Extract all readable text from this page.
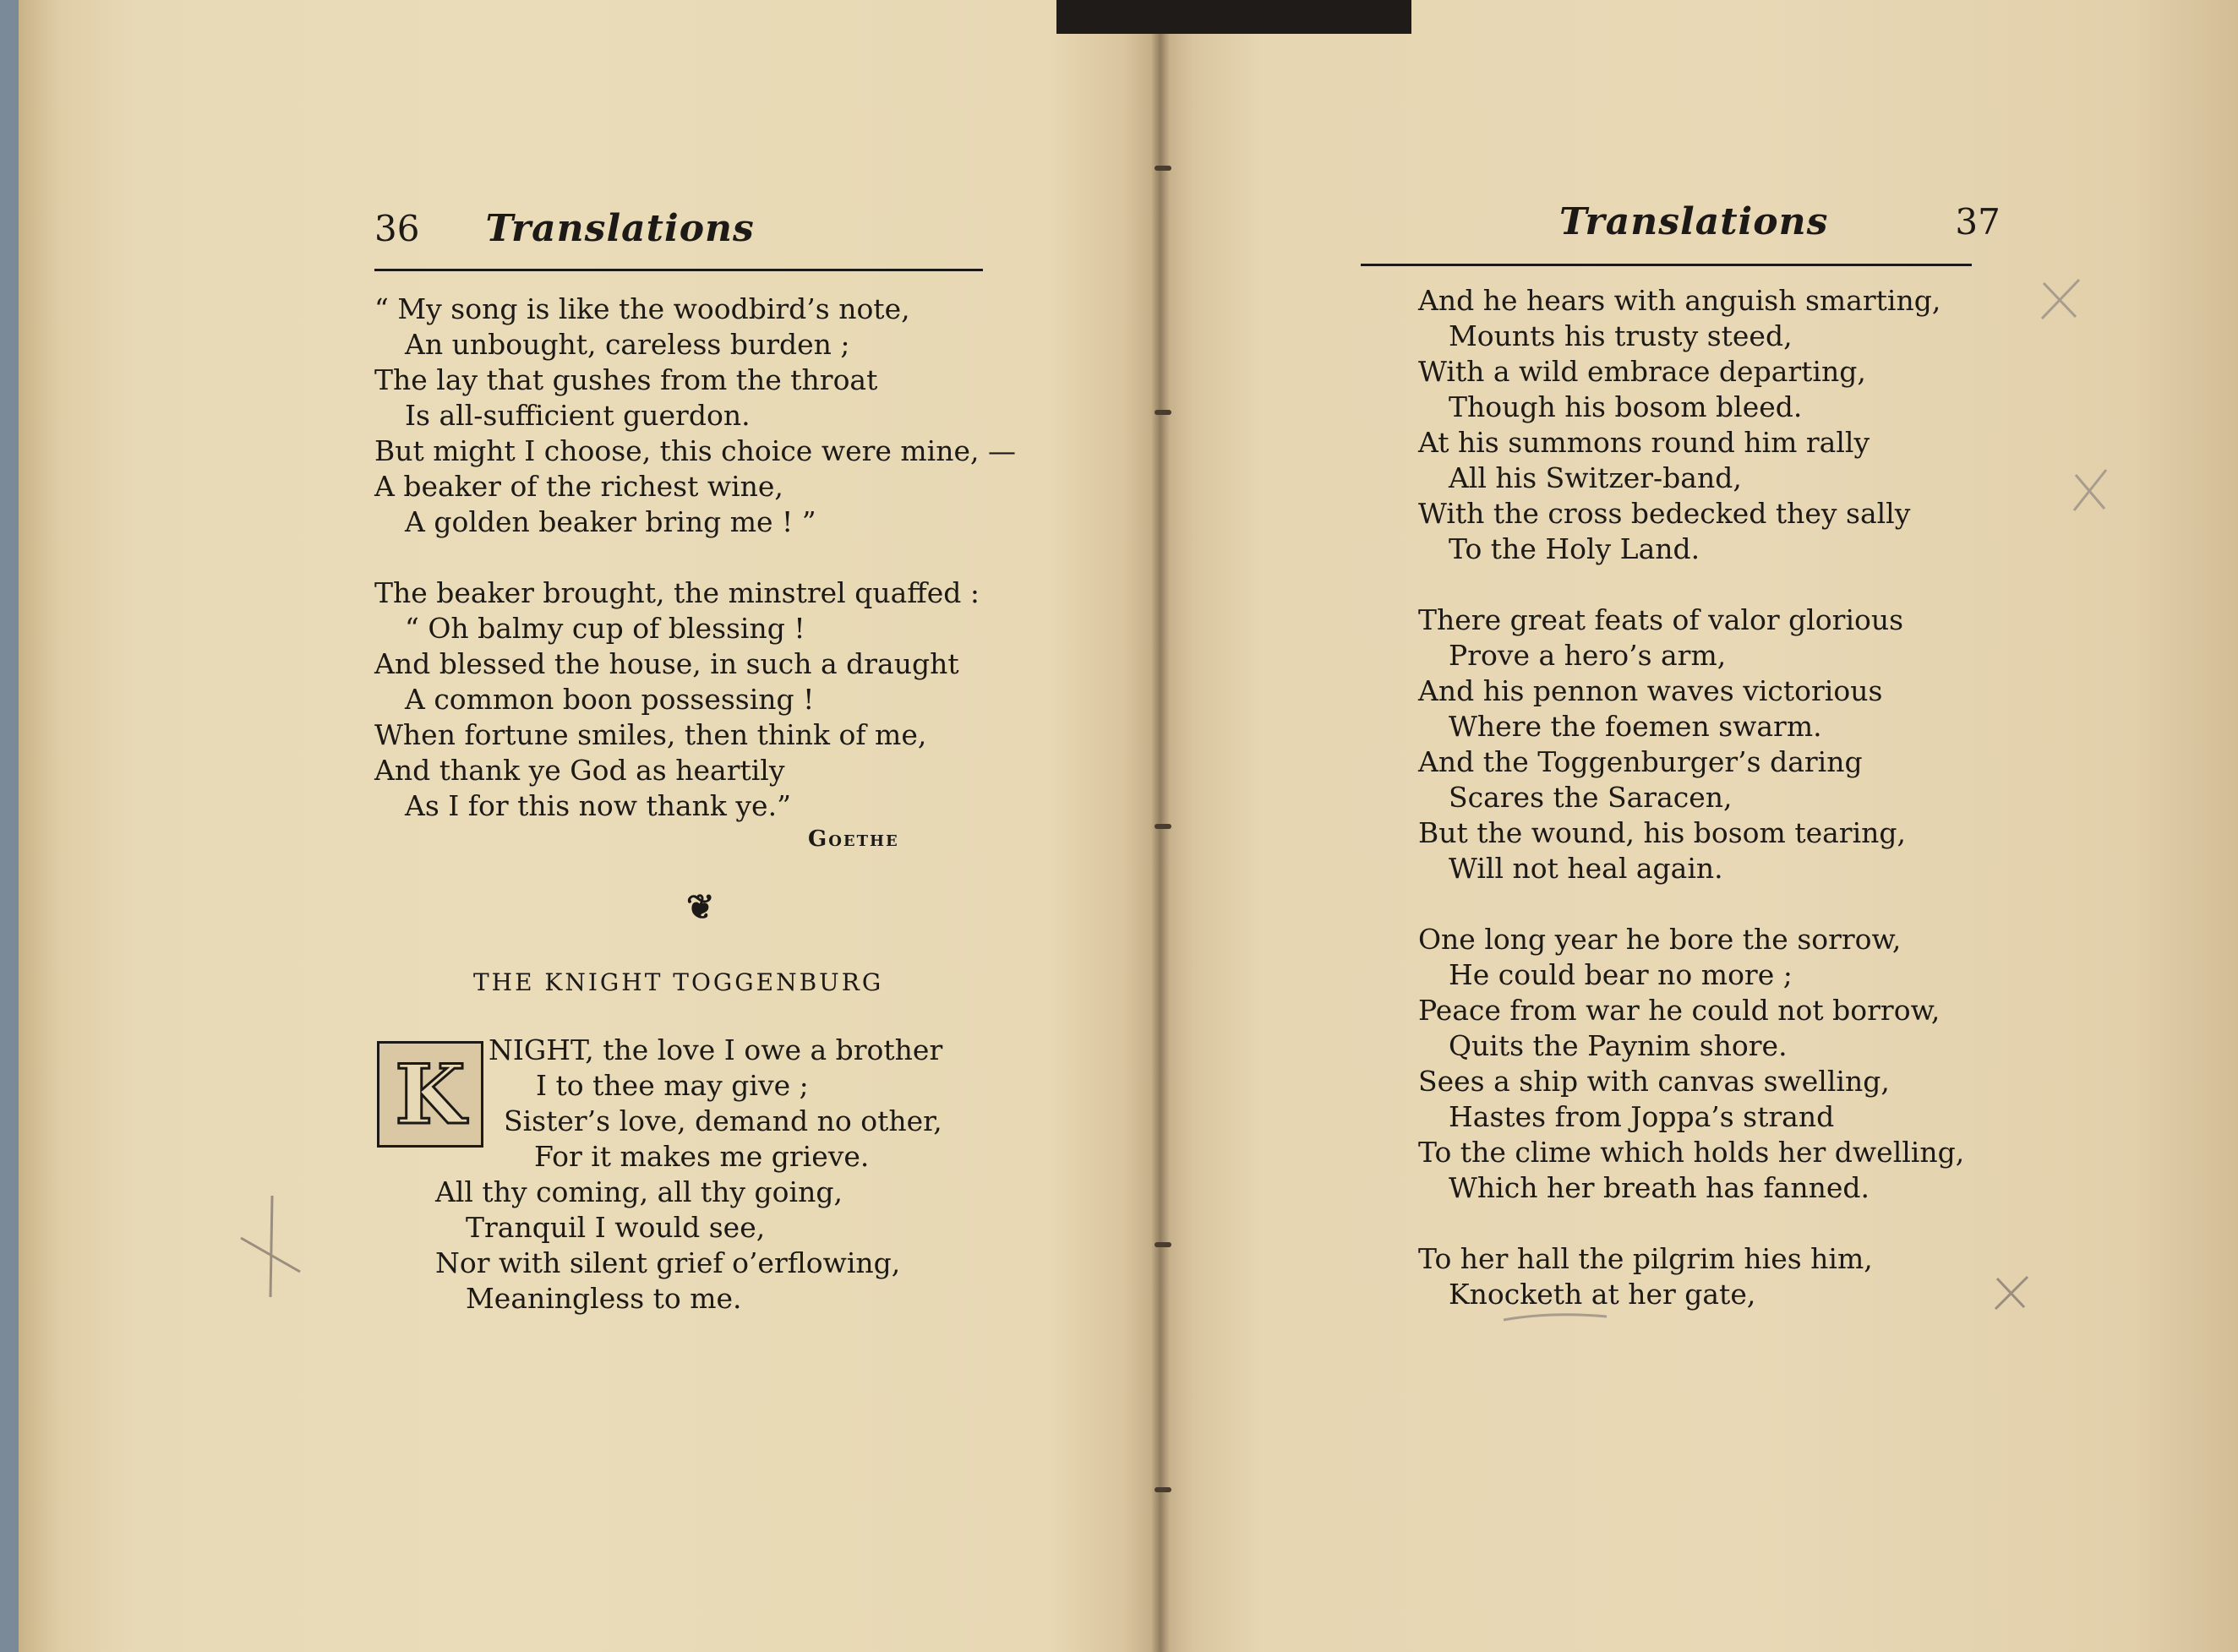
36 Translations
“ My song is like the woodbird’s note,
An unbought, careless burden ;
The lay that gushes from the throat
Is all-sufficient guerdon.
But might I choose, this choice were mine, —
A beaker of the richest wine,
A golden beaker bring me ! ”
The beaker brought, the minstrel quaffed :
“ Oh balmy cup of blessing !
And blessed the house, in such a draught
A common boon possessing !
When fortune smiles, then think of me,
And thank ye God as heartily
As I for this now thank ye.”
Goethe
❦
THE KNIGHT TOGGENBURG
K NIGHT, the love I owe a brother
I to thee may give ;
Sister’s love, demand no other,
For it makes me grieve.
All thy coming, all thy going,
Tranquil I would see,
Nor with silent grief o’erflowing,
Meaningless to me.
Translations	37
And he hears with anguish smarting,
Mounts his trusty steed,
With a wild embrace departing,
Though his bosom bleed.
At his summons round him rally
All his Switzer-band,
With the cross bedecked they sally
To the Holy Land.
There great feats of valor glorious
Prove a hero’s arm,
And his pennon waves victorious
Where the foemen swarm.
And the Toggenburger’s daring
Scares the Saracen,
But the wound, his bosom tearing,
Will not heal again.
One long year he bore the sorrow,
He could bear no more ;
Peace from war he could not borrow,
Quits the Paynim shore.
Sees a ship with canvas swelling,
Hastes from Joppa’s strand
To the clime which holds her dwelling,
Which her breath has fanned.
To her hall the pilgrim hies him,
Knocketh at her gate,
